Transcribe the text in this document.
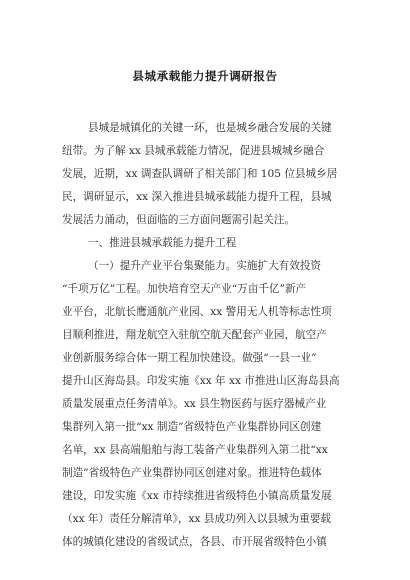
县城承载能力提升调研报告
县城是城镇化的关键一环，也是城乡融合发展的关键
纽带。为了解 xx 县城承载能力情况，促进县城城乡融合
发展，近期，xx 调查队调研了相关部门和 105 位县城乡居
民，调研显示，xx 深入推进县城承载能力提升工程，县城
发展活力涌动，但面临的三方面问题需引起关注。
一、推进县城承载能力提升工程
（一）提升产业平台集聚能力。实施扩大有效投资
“千项万亿”工程。加快培育空天产业“万亩千亿”新产
业平台，北航长鹰通航产业园、xx 警用无人机等标志性项
目顺利推进，翔龙航空入驻航空航天配套产业园，航空产
业创新服务综合体一期工程加快建设。做强“一县一业”
提升山区海岛县。印发实施《xx 年 xx 市推进山区海岛县高
质量发展重点任务清单》。xx 县生物医药与医疗器械产业
集群列入第一批“xx 制造”省级特色产业集群协同区创建
名单，xx 县高端船舶与海工装备产业集群列入第二批“xx
制造”省级特色产业集群协同区创建对象。推进特色载体
建设，印发实施《xx 市持续推进省级特色小镇高质量发展
（xx 年）责任分解清单》，xx 县成功列入以县城为重要载
体的城镇化建设的省级试点，各县、市开展省级特色小镇
